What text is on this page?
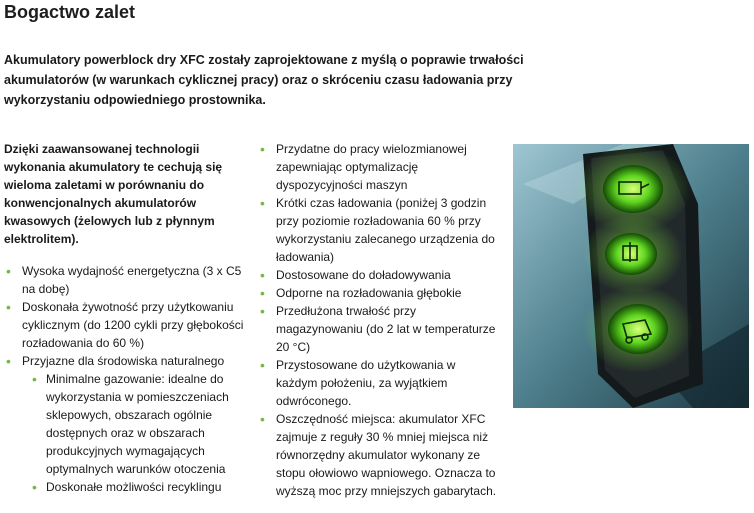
Bogactwo zalet

Akumulatory powerblock dry XFC zostały zaprojektowane z myślą o poprawie trwałości akumulatorów (w warunkach cyklicznej pracy) oraz o skróceniu czasu ładowania przy wykorzystaniu odpowiedniego prostownika.

Dzięki zaawansowanej technologii wykonania akumulatory te cechują się wieloma zaletami w porównaniu do konwencjonalnych akumulatorów kwasowych (żelowych lub z płynnym elektrolitem).

• Wysoka wydajność energetyczna (3 x C5 na dobę)
• Doskonała żywotność przy użytkowaniu cyklicznym (do 1200 cykli przy głębokości rozładowania do 60 %)
• Przyjazne dla środowiska naturalnego
• Minimalne gazowanie: idealne do wykorzystania w pomieszczeniach sklepowych, obszarach ogólnie dostępnych oraz w obszarach produkcyjnych wymagających optymalnych warunków otoczenia
• Doskonałe możliwości recyklingu
• Przydatne do pracy wielozmianowej zapewniając optymalizację dyspozycyjności maszyn
• Krótki czas ładowania (poniżej 3 godzin przy poziomie rozładowania 60 % przy wykorzystaniu zalecanego urządzenia do ładowania)
• Dostosowane do doładowywania
• Odporne na rozładowania głębokie
• Przedłużona trwałość przy magazynowaniu (do 2 lat w temperaturze 20 °C)
• Przystosowane do użytkowania w każdym położeniu, za wyjątkiem odwróconego.
• Oszczędność miejsca: akumulator XFC zajmuje z reguły 30 % mniej miejsca niż równorzędny akumulator wykonany ze stopu ołowiowo wapniowego. Oznacza to wyższą moc przy mniejszych gabarytach.
